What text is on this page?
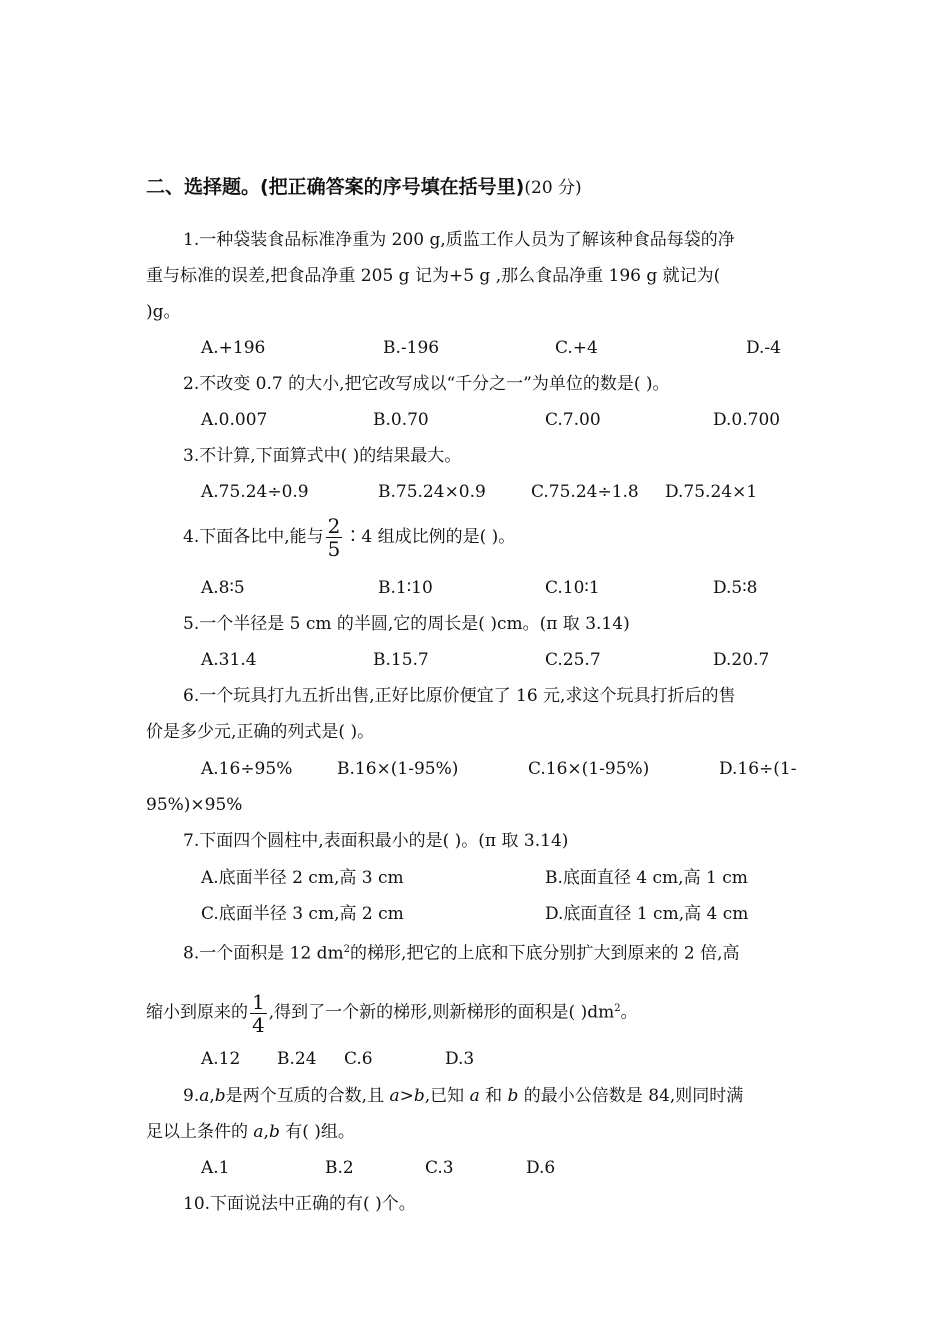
二、选择题。(把正确答案的序号填在括号里)(20 分)
1.一种袋装食品标准净重为 200 g,质监工作人员为了解该种食品每袋的净
重与标准的误差,把食品净重 205 g 记为+5 g ,那么食品净重 196 g 就记为(
)g。
A.+196	B.-196	C.+4	D.-4
2.不改变 0.7 的大小,把它改写成以“千分之一”为单位的数是( )。
A.0.007	B.0.70	C.7.00	D.0.700
3.不计算,下面算式中( )的结果最大。
A.75.24÷0.9	B.75.24×0.9	C.75.24÷1.8 D.75.24×1
4.下面各比中,能与 $\frac{2}{5}$ ∶4 组成比例的是( )。
A.8∶5	B.1∶10	C.10∶1	D.5∶8
5.一个半径是 5 cm 的半圆,它的周长是( )cm。(π 取 3.14)
A.31.4	B.15.7	C.25.7	D.20.7
6.一个玩具打九五折出售,正好比原价便宜了 16 元,求这个玩具打折后的售
价是多少元,正确的列式是( )。
A.16÷95%	B.16×(1-95%)	C.16×(1-95%)	D.16÷(1-
95%)×95%
7.下面四个圆柱中,表面积最小的是( )。(π 取 3.14)
A.底面半径 2 cm,高 3 cm	B.底面直径 4 cm,高 1 cm
C.底面半径 3 cm,高 2 cm	D.底面直径 1 cm,高 4 cm
8.一个面积是 12 $dm^2$的梯形,把它的上底和下底分别扩大到原来的 2 倍,高
缩小到原来的 $\frac{1}{4}$ ,得到了一个新的梯形,则新梯形的面积是( )$dm^2$。
A.12 B.24 C.6	D.3
9.a,b是两个互质的合数,且 a>b,已知 a 和 b 的最小公倍数是 84,则同时满
足以上条件的 a,b 有( )组。
A.1	B.2	C.3	D.6
10.下面说法中正确的有( )个。
